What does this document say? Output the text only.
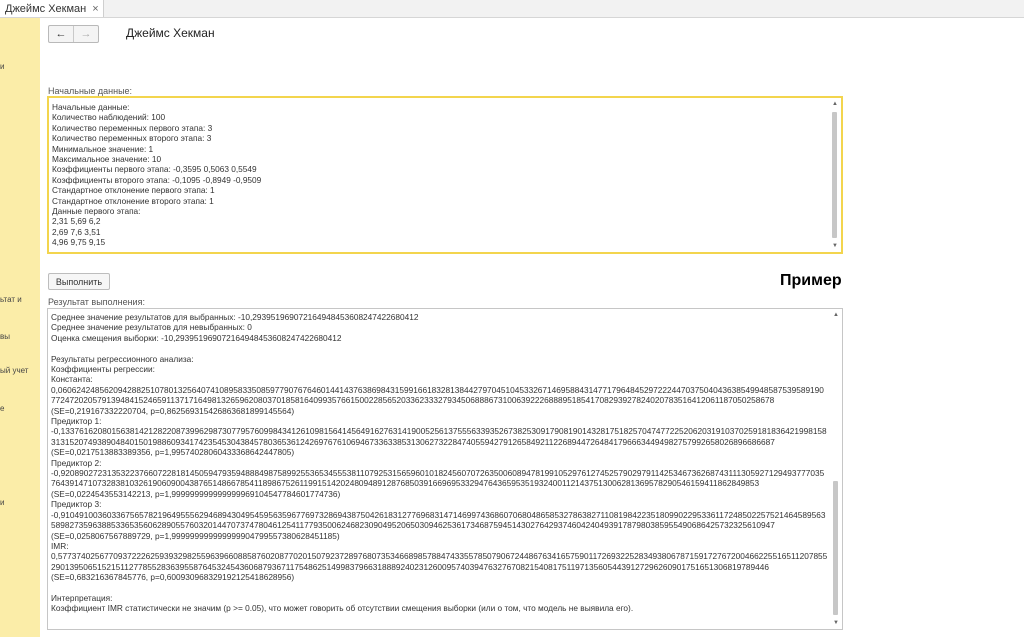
Джеймс Хекман ×
и
ьтат и
вы
ый учет
е
и
←	→	Джеймс Хекман
Начальные данные:
Начальные данные:
Количество наблюдений: 100
Количество переменных первого этапа: 3
Количество переменных второго этапа: 3
Минимальное значение: 1
Максимальное значение: 10
Коэффициенты первого этапа: -0,3595 0,5063 0,5549
Коэффициенты второго этапа: -0,1095 -0,8949 -0,9509
Стандартное отклонение первого этапа: 1
Стандартное отклонение второго этапа: 1
Данные первого этапа:
2,31 5,69 6,2
2,69 7,6 3,51
4,96 9,75 9,15
▲
▼
Выполнить	Пример
Результат выполнения:
Среднее значение результатов для выбранных: -10,293951969072164948453608247422680412
Среднее значение результатов для невыбранных: 0
Оценка смещения выборки: -10,293951969072164948453608247422680412
Результаты регрессионного анализа:
Коэффициенты регрессии:
Константа:
0,06062424856209428825107801325640741089583350859779076764601441437638698431599166183281384427970451045332671469588431477179648452972224470375040436385499485875395891907724720205791394841524659113717164981326596208037018581640993576615002285652033623332793450688867310063922268889518541708293927824020783516412061187050258678
(SE=0,219167332220704, p=0,862569315426863681899145564)
Предиктор 1:
-0,13376162080156381421282208739962987307795760998434126109815641456491627631419005256137555633935267382530917908190143281751825704747722520620319103702591818364219981583131520749389048401501988609341742354530438457803653612426976761069467336338531306273228474055942791265849211226894472648417966634494982757992658026896686687
(SE=0,0217513883389356, p=1,99574028060433368642447805)
Предиктор 2:
-0,92089027231353223766072281814505947935948884987589925536534555381107925315659601018245607072635006089478199105297612745257902979114253467362687431113059271294937770357643914710732838103261906090043876514866785411898675261199151420248094891287685039166969533294764365953519324001121437513006281369578290546159411862849853
(SE=0,0224543553142213, p=1,999999999999999969104547784601774736)
Предиктор 3:
-0,91049100360336756578219649555629468943049545956359677697328694387504261831277696831471469974368607068048658532786382711081984223518099022953361172485022575214645895635898273596388533653560628905576032014470737478046125411779350062468230904952065030946253617346875945143027642937460424049391787980385955490686425732325610947
(SE=0,0258067567889729, p=1,999999999999999904799557380628451185)
IMR:
0,57737402567709372226259393298255963966088587602087702015079237289768073534668985788474335578507906724486763416575901172693225283493806787159172767200466225516511207855290139506515215112778552836395587645324543606879367117548625149983796631888924023126009574039476327670821540817511971356054439127296260901751651306819789446
(SE=0,683216367845776, p=0,600930968329192125418628956)
Интерпретация:
Коэффициент IMR статистически не значим (p >= 0.05), что может говорить об отсутствии смещения выборки (или о том, что модель не выявила его).
▲
▼
